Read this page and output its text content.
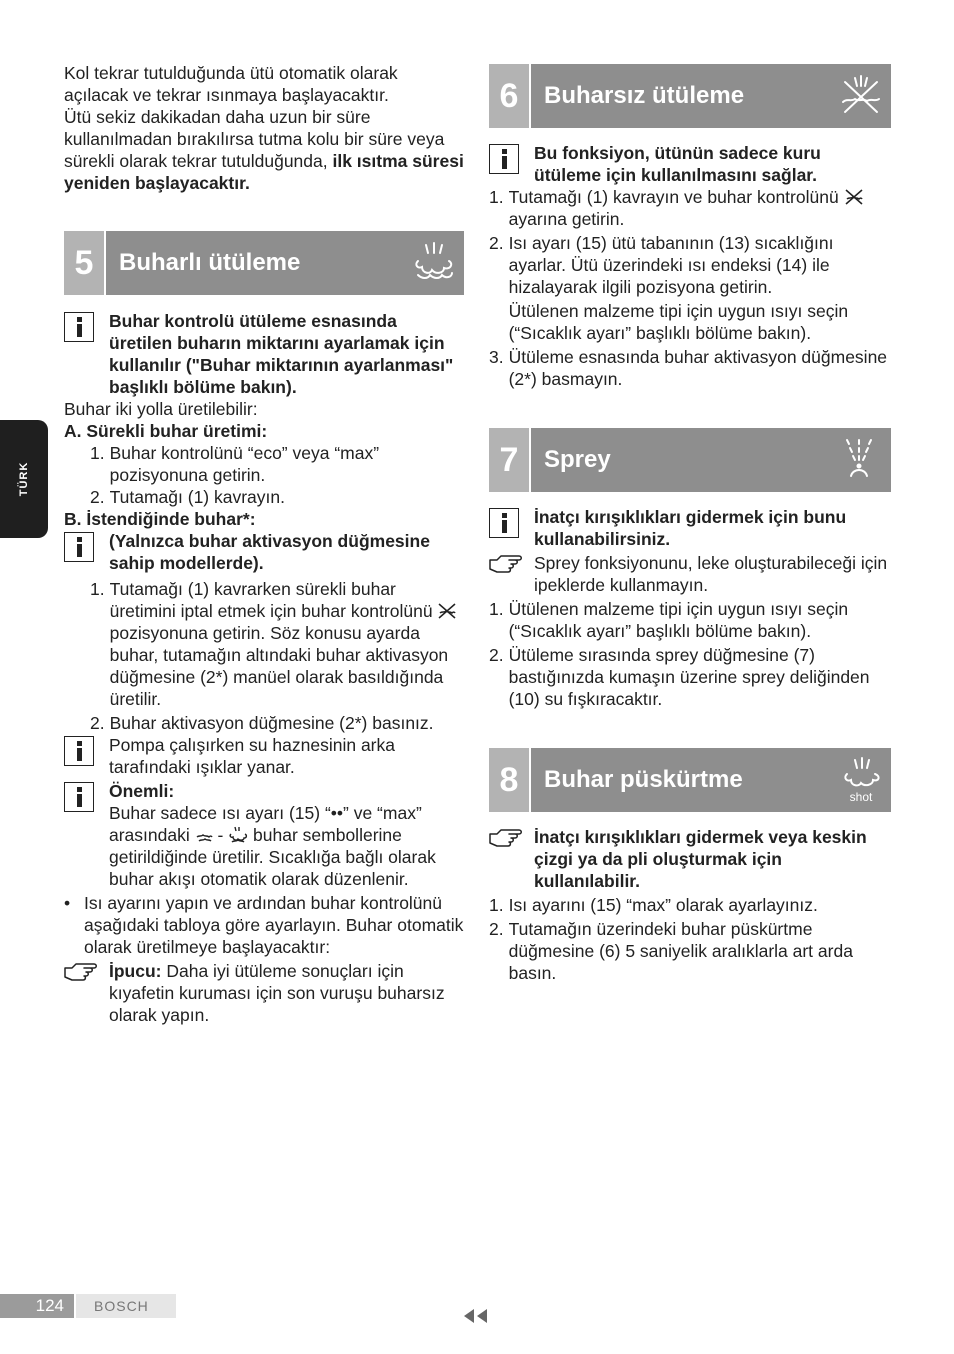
TÜRK

Kol tekrar tutulduğunda ütü otomatik olarak açılacak ve tekrar ısınmaya başlayacaktır.

Ütü sekiz dakikadan daha uzun bir süre kullanılmadan bırakılırsa tutma kolu bir süre veya sürekli olarak tekrar tutulduğunda, ilk ısıtma süresi yeniden başlayacaktır.

5	Buharlı ütüleme
Buhar kontrolü ütüleme esnasında üretilen buharın miktarını ayarlamak için kullanılır ("Buhar miktarının ayarlanması" başlıklı bölüme bakın).

Buhar iki yolla üretilebilir:

A. Sürekli buhar üretimi:

1. Buhar kontrolünü “eco” veya “max” pozisyonuna getirin.
2. Tutamağı (1) kavrayın.

B. İstendiğinde buhar*:

(Yalnızca buhar aktivasyon düğmesine sahip modellerde).
1. Tutamağı (1) kavrarken sürekli buhar üretimini iptal etmek için buhar kontrolünü  pozisyonuna getirin. Söz konusu ayarda buhar, tutamağın altındaki buhar aktivasyon düğmesine (2*) manüel olarak basıldığında üretilir.
2. Buhar aktivasyon düğmesine (2*) basınız.
Pompa çalışırken su haznesinin arka tarafındaki ışıklar yanar.

Önemli:

Buhar sadece ısı ayarı (15) “••” ve “max” arasındaki  -  buhar sembollerine getirildiğinde üretilir. Sıcaklığa bağlı olarak buhar akışı otomatik olarak düzenlenir.

• Isı ayarını yapın ve ardından buhar kontrolünü aşağıdaki tabloya göre ayarlayın. Buhar otomatik olarak üretilmeye başlayacaktır:
İpucu: Daha iyi ütüleme sonuçları için kıyafetin kuruması için son vuruşu buharsız olarak yapın.
6	Buharsız ütüleme
Bu fonksiyon, ütünün sadece kuru ütüleme için kullanılmasını sağlar.
1. Tutamağı (1) kavrayın ve buhar kontrolünü  ayarına getirin.
2. Isı ayarı (15) ütü tabanının (13) sıcaklığını ayarlar. Ütü üzerindeki ısı endeksi (14) ile hizalayarak ilgili pozisyona getirin.

Ütülenen malzeme tipi için uygun ısıyı seçin (“Sıcaklık ayarı” başlıklı bölüme bakın).

3. Ütüleme esnasında buhar aktivasyon düğmesine (2*) basmayın.
7	Sprey
İnatçı kırışıklıkları gidermek için bunu kullanabilirsiniz.
Sprey fonksiyonunu, leke oluşturabileceği için ipeklerde kullanmayın.
1. Ütülenen malzeme tipi için uygun ısıyı seçin (“Sıcaklık ayarı” başlıklı bölüme bakın).
2. Ütüleme sırasında sprey düğmesine (7) bastığınızda kumaşın üzerine sprey deliğinden (10) su fışkıracaktır.
8	Buhar püskürtme
shot
İnatçı kırışıklıkları gidermek veya keskin çizgi ya da pli oluşturmak için kullanılabilir.
1. Isı ayarını (15) “max” olarak ayarlayınız.
2. Tutamağın üzerindeki buhar püskürtme düğmesine (6) 5 saniyelik aralıklarla art arda basın.
124	BOSCH
